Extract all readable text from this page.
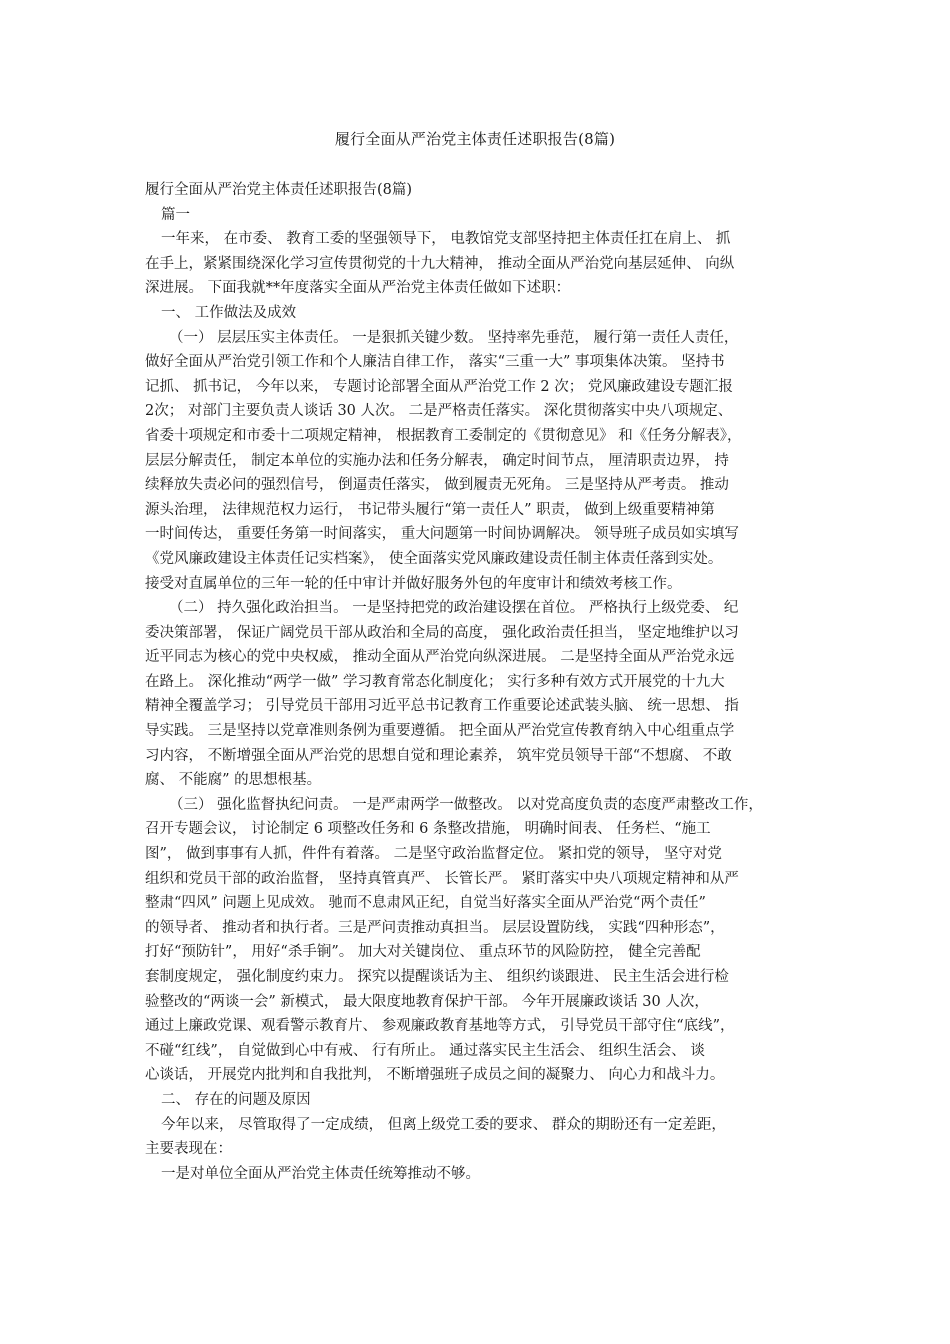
履行全面从严治党主体责任述职报告(8篇)
履行全面从严治党主体责任述职报告(8篇)
篇一
一年来， 在市委、 教育工委的坚强领导下， 电教馆党支部坚持把主体责任扛在肩上、 抓
在手上，紧紧围绕深化学习宣传贯彻党的十九大精神， 推动全面从严治党向基层延伸、 向纵
深进展。 下面我就**年度落实全面从严治党主体责任做如下述职：
一、 工作做法及成效
（一） 层层压实主体责任。 一是狠抓关键少数。 坚持率先垂范， 履行第一责任人责任，
做好全面从严治党引领工作和个人廉洁自律工作， 落实“三重一大” 事项集体决策。 坚持书
记抓、 抓书记， 今年以来， 专题讨论部署全面从严治党工作 2 次； 党风廉政建设专题汇报
2次； 对部门主要负责人谈话 30 人次。 二是严格责任落实。 深化贯彻落实中央八项规定、
省委十项规定和市委十二项规定精神， 根据教育工委制定的《贯彻意见》 和《任务分解表》，
层层分解责任， 制定本单位的实施办法和任务分解表， 确定时间节点， 厘清职责边界， 持
续释放失责必问的强烈信号， 倒逼责任落实， 做到履责无死角。 三是坚持从严考责。 推动
源头治理， 法律规范权力运行， 书记带头履行“第一责任人” 职责， 做到上级重要精神第
一时间传达， 重要任务第一时间落实， 重大问题第一时间协调解决。 领导班子成员如实填写
《党风廉政建设主体责任记实档案》， 使全面落实党风廉政建设责任制主体责任落到实处。
接受对直属单位的三年一轮的任中审计并做好服务外包的年度审计和绩效考核工作。
（二） 持久强化政治担当。 一是坚持把党的政治建设摆在首位。 严格执行上级党委、 纪
委决策部署， 保证广阔党员干部从政治和全局的高度， 强化政治责任担当， 坚定地维护以习
近平同志为核心的党中央权威， 推动全面从严治党向纵深进展。 二是坚持全面从严治党永远
在路上。 深化推动“两学一做” 学习教育常态化制度化； 实行多种有效方式开展党的十九大
精神全覆盖学习； 引导党员干部用习近平总书记教育工作重要论述武装头脑、 统一思想、 指
导实践。 三是坚持以党章准则条例为重要遵循。 把全面从严治党宣传教育纳入中心组重点学
习内容， 不断增强全面从严治党的思想自觉和理论素养， 筑牢党员领导干部“不想腐、 不敢
腐、 不能腐” 的思想根基。
（三） 强化监督执纪问责。 一是严肃两学一做整改。 以对党高度负责的态度严肃整改工作，
召开专题会议， 讨论制定 6 项整改任务和 6 条整改措施， 明确时间表、 任务栏、“施工
图”， 做到事事有人抓，件件有着落。 二是坚守政治监督定位。 紧扣党的领导， 坚守对党
组织和党员干部的政治监督， 坚持真管真严、 长管长严。 紧盯落实中央八项规定精神和从严
整肃“四风” 问题上见成效。 驰而不息肃风正纪，自觉当好落实全面从严治党“两个责任”
的领导者、 推动者和执行者。三是严问责推动真担当。 层层设置防线， 实践“四种形态”，
打好“预防针”， 用好“杀手锏”。 加大对关键岗位、 重点环节的风险防控， 健全完善配
套制度规定， 强化制度约束力。 探究以提醒谈话为主、 组织约谈跟进、 民主生活会进行检
验整改的“两谈一会” 新模式， 最大限度地教育保护干部。 今年开展廉政谈话 30 人次，
通过上廉政党课、观看警示教育片、 参观廉政教育基地等方式， 引导党员干部守住“底线”，
不碰“红线”， 自觉做到心中有戒、 行有所止。 通过落实民主生活会、 组织生活会、 谈
心谈话， 开展党内批判和自我批判， 不断增强班子成员之间的凝聚力、 向心力和战斗力。
二、 存在的问题及原因
今年以来， 尽管取得了一定成绩， 但离上级党工委的要求、 群众的期盼还有一定差距，
主要表现在：
一是对单位全面从严治党主体责任统筹推动不够。
